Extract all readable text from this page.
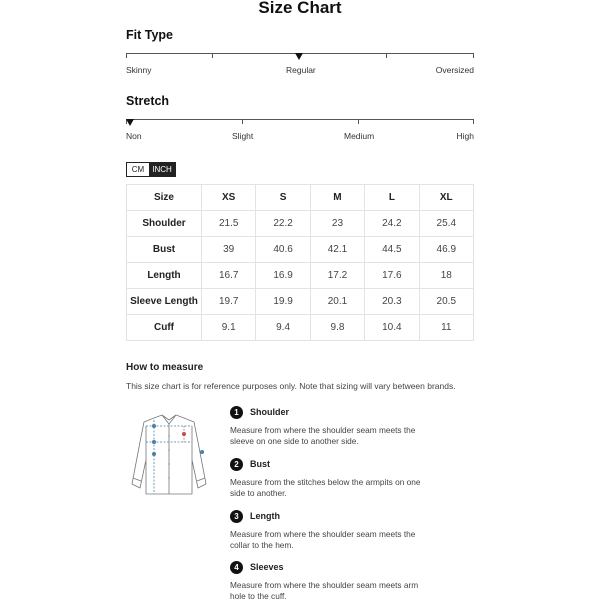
Size Chart
Fit Type
Skinny	Regular	Oversized
Stretch
Non	Slight	Medium	High
CM	INCH
Size	XS	S	M	L	XL
Shoulder	21.5	22.2	23	24.2	25.4
Bust	39	40.6	42.1	44.5	46.9
Length	16.7	16.9	17.2	17.6	18
Sleeve Length	19.7	19.9	20.1	20.3	20.5
Cuff	9.1	9.4	9.8	10.4	11
How to measure
This size chart is for reference purposes only. Note that sizing will vary between brands.
1	Shoulder
Measure from where the shoulder seam meets the sleeve on one side to another side.
2	Bust
Measure from the stitches below the armpits on one side to another.
3	Length
Measure from where the shoulder seam meets the collar to the hem.
4	Sleeves
Measure from where the shoulder seam meets arm hole to the cuff.
